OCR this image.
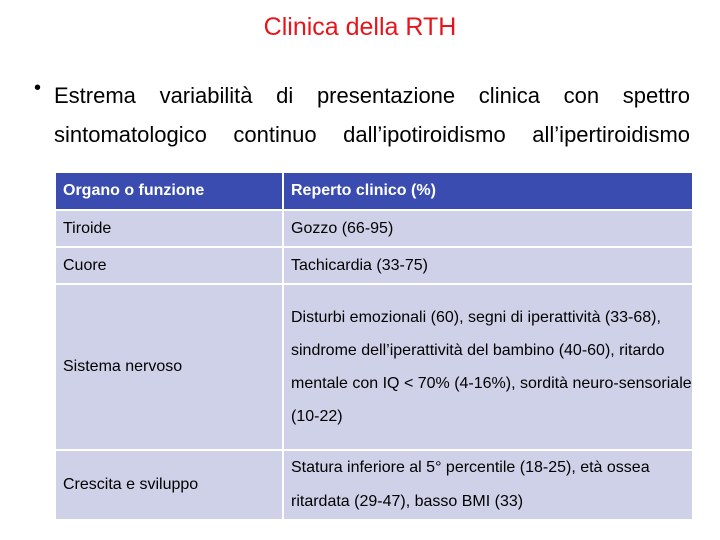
Clinica della RTH
• Estrema variabilità di presentazione clinica con spettro
sintomatologico continuo dall’ipotiroidismo all’ipertiroidismo
Organo o funzione	Reperto clinico (%)
Tiroide	Gozzo (66-95)
Cuore	Tachicardia (33-75)
Sistema nervoso	Disturbi emozionali (60), segni di iperattività (33-68), sindrome dell’iperattività del bambino (40-60), ritardo mentale con IQ < 70% (4-16%), sordità neuro-sensoriale (10-22)
Crescita e sviluppo	Statura inferiore al 5° percentile (18-25), età ossea ritardata (29-47), basso BMI (33)
